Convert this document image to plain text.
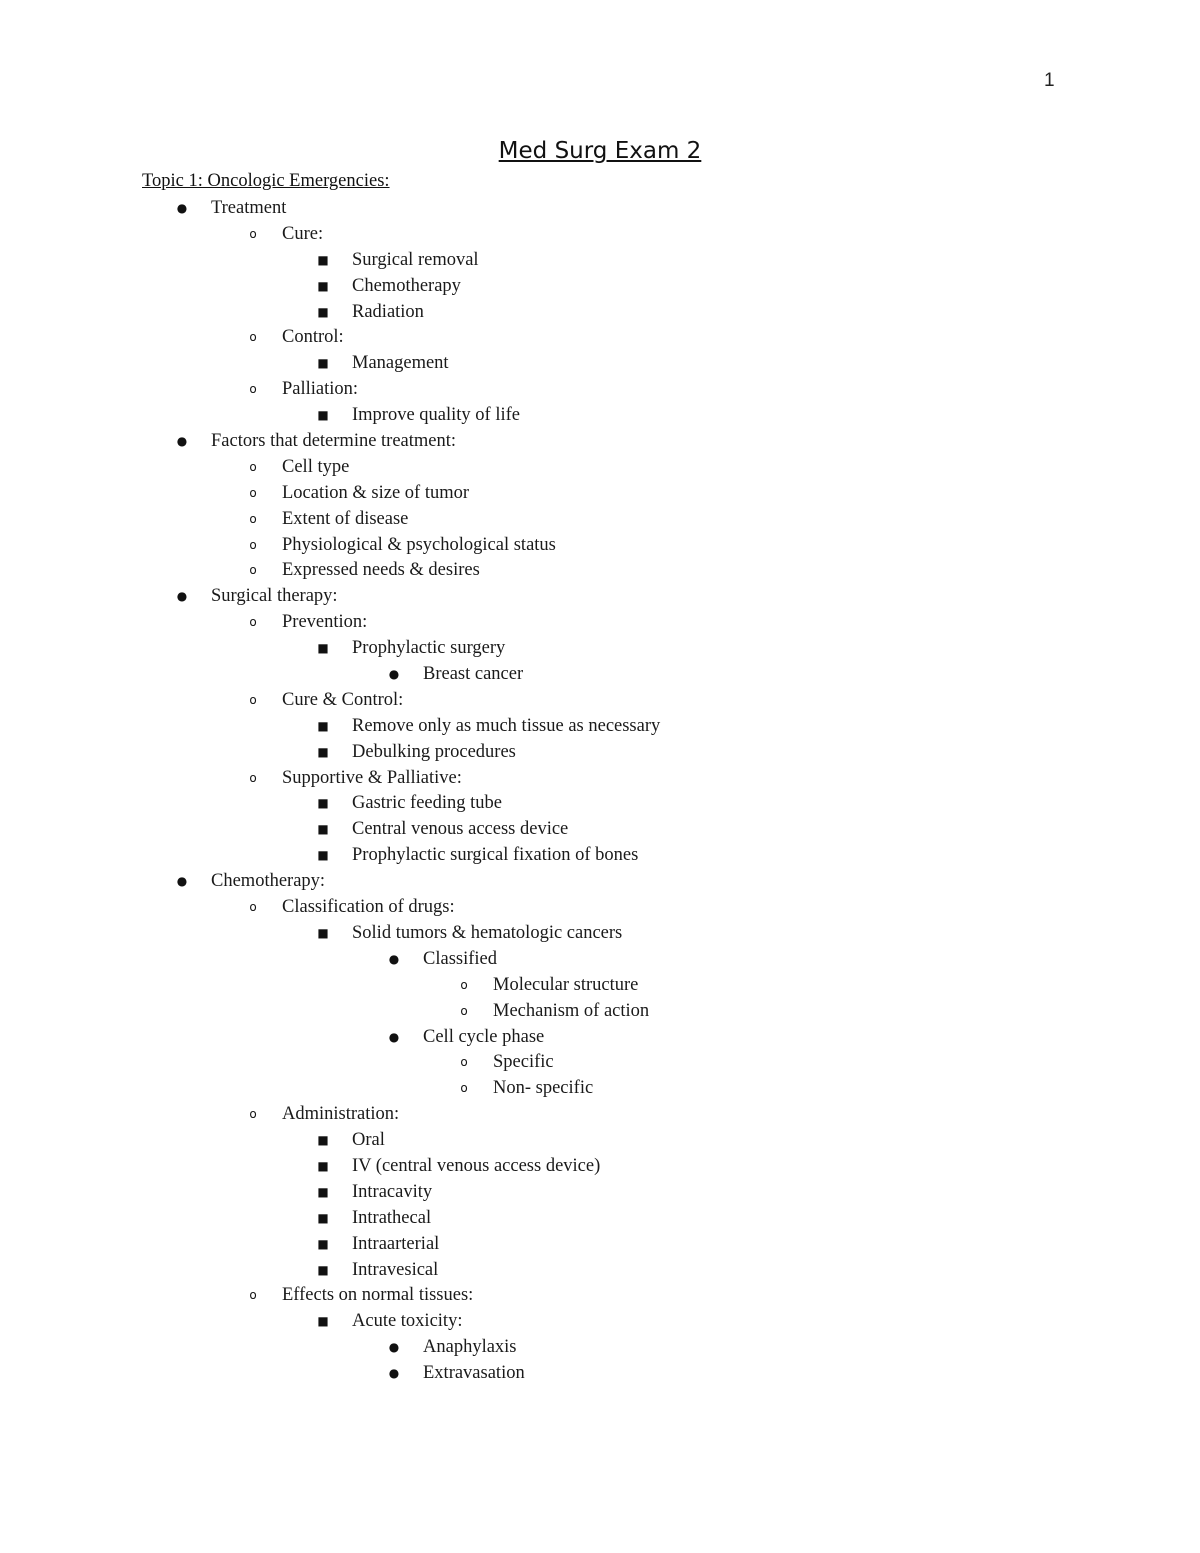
1
Med Surg Exam 2
Topic 1: Oncologic Emergencies:
● Treatment
o Cure:
■ Surgical removal
■ Chemotherapy
■ Radiation
o Control:
■ Management
o Palliation:
■ Improve quality of life
● Factors that determine treatment:
o Cell type
o Location & size of tumor
o Extent of disease
o Physiological & psychological status
o Expressed needs & desires
● Surgical therapy:
o Prevention:
■ Prophylactic surgery
● Breast cancer
o Cure & Control:
■ Remove only as much tissue as necessary
■ Debulking procedures
o Supportive & Palliative:
■ Gastric feeding tube
■ Central venous access device
■ Prophylactic surgical fixation of bones
● Chemotherapy:
o Classification of drugs:
■ Solid tumors & hematologic cancers
● Classified
o Molecular structure
o Mechanism of action
● Cell cycle phase
o Specific
o Non- specific
o Administration:
■ Oral
■ IV (central venous access device)
■ Intracavity
■ Intrathecal
■ Intraarterial
■ Intravesical
o Effects on normal tissues:
■ Acute toxicity:
● Anaphylaxis
● Extravasation
